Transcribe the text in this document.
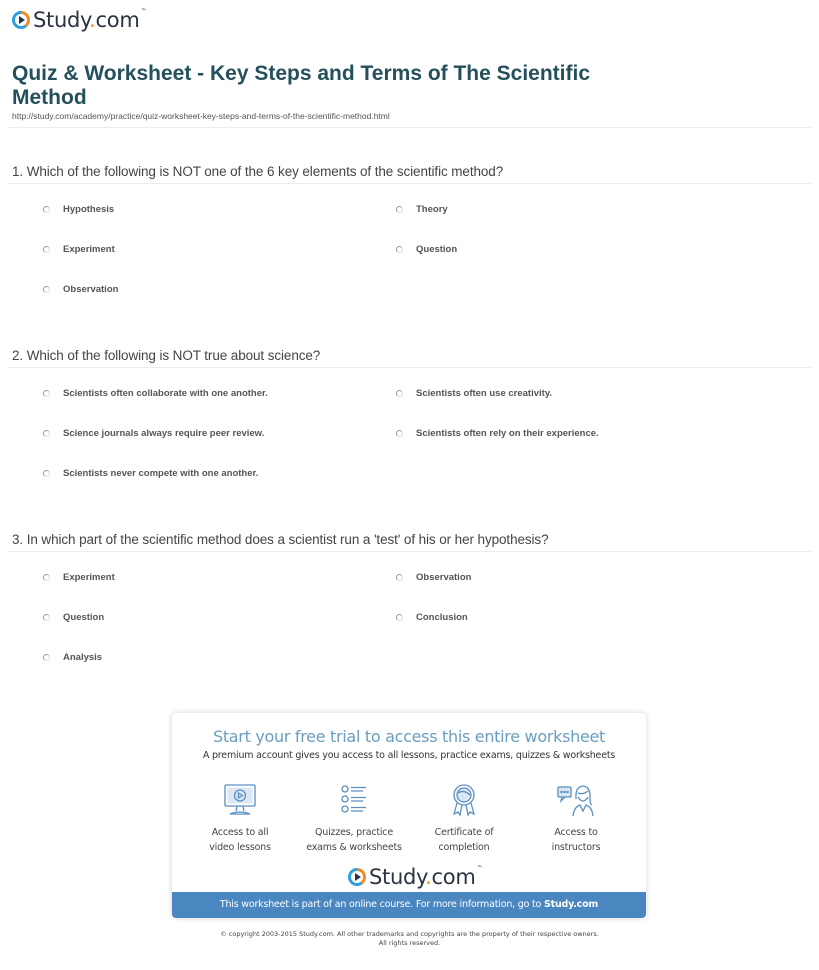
Study.com™
Quiz & Worksheet - Key Steps and Terms of The Scientific Method
http://study.com/academy/practice/quiz-worksheet-key-steps-and-terms-of-the-scientific-method.html
1. Which of the following is NOT one of the 6 key elements of the scientific method?
Hypothesis	Theory
Experiment	Question
Observation
2. Which of the following is NOT true about science?
Scientists often collaborate with one another.	Scientists often use creativity.
Science journals always require peer review.	Scientists often rely on their experience.
Scientists never compete with one another.
3. In which part of the scientific method does a scientist run a 'test' of his or her hypothesis?
Experiment	Observation
Question	Conclusion
Analysis
Start your free trial to access this entire worksheet
A premium account gives you access to all lessons, practice exams, quizzes & worksheets
Access to all
video lessons
Quizzes, practice
exams & worksheets
Certificate of
completion
Access to
instructors
Study.com™
This worksheet is part of an online course. For more information, go to Study.com
© copyright 2003-2015 Study.com. All other trademarks and copyrights are the property of their respective owners.
All rights reserved.
